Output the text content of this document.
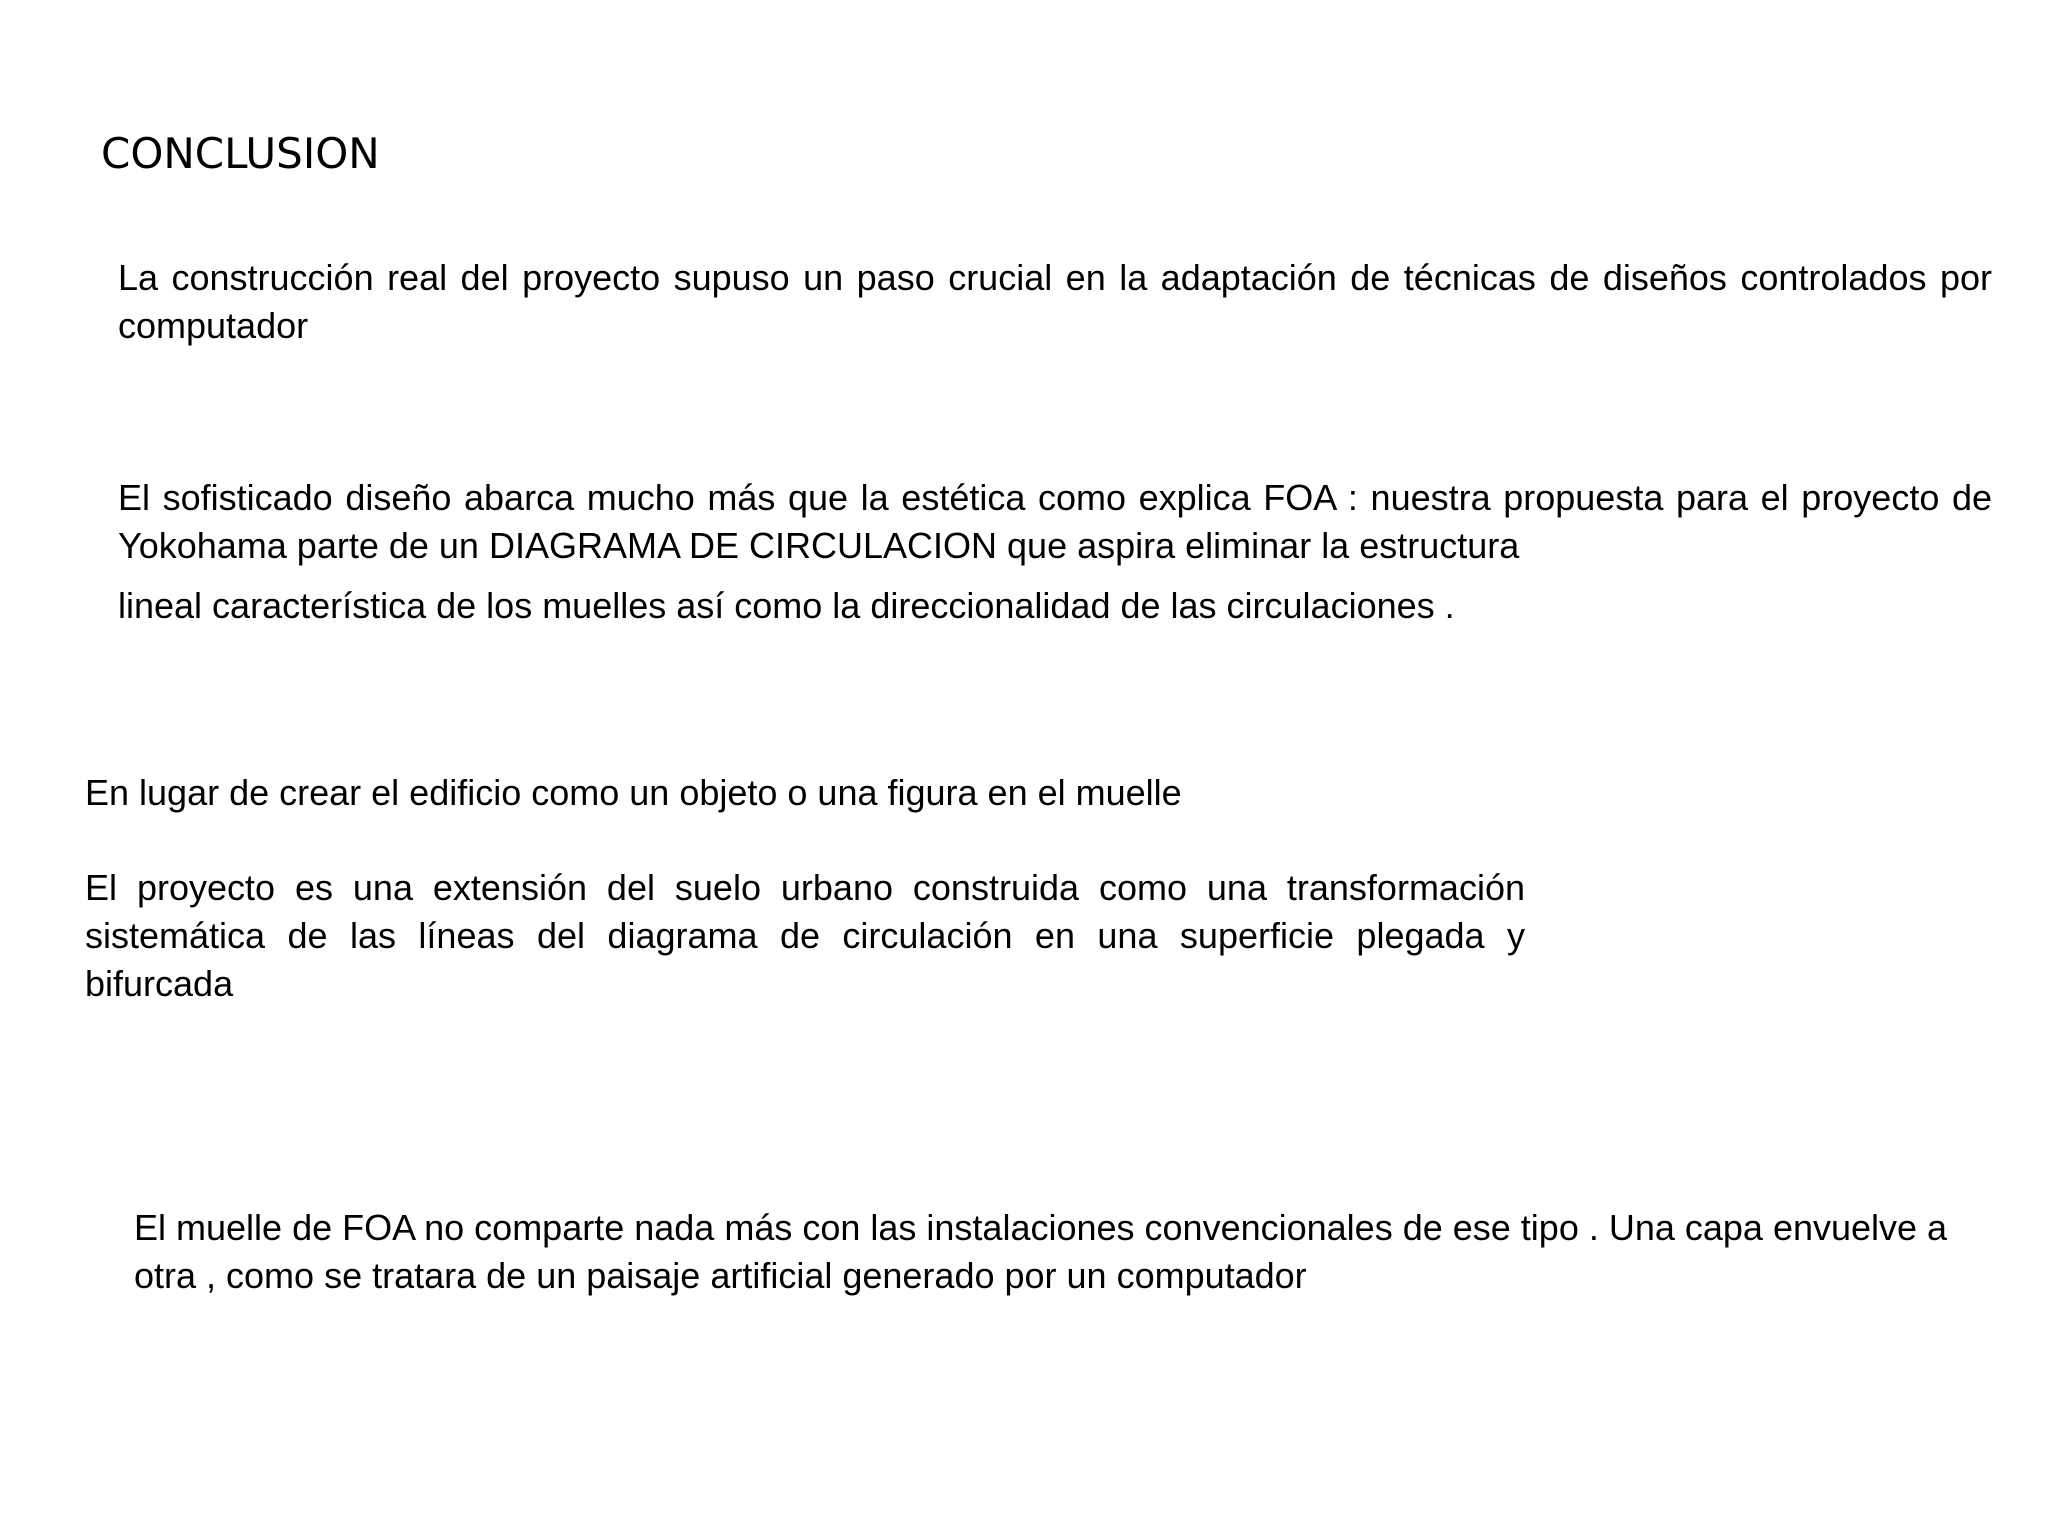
CONCLUSION

La construcción real del proyecto supuso un paso crucial en la adaptación de técnicas de diseños controlados por computador

El sofisticado diseño abarca mucho más que la estética como explica FOA : nuestra propuesta para el proyecto de Yokohama parte de un DIAGRAMA DE CIRCULACION que aspira eliminar la estructura
lineal característica de los muelles así como la direccionalidad de las circulaciones .

En lugar de crear el edificio como un objeto o una figura en el muelle

El proyecto es una extensión del suelo urbano construida como una transformación sistemática de las líneas del diagrama de circulación en una superficie plegada y bifurcada

El muelle de FOA no comparte nada más con las instalaciones convencionales de ese tipo . Una capa envuelve a otra , como se tratara de un paisaje artificial generado por un computador
